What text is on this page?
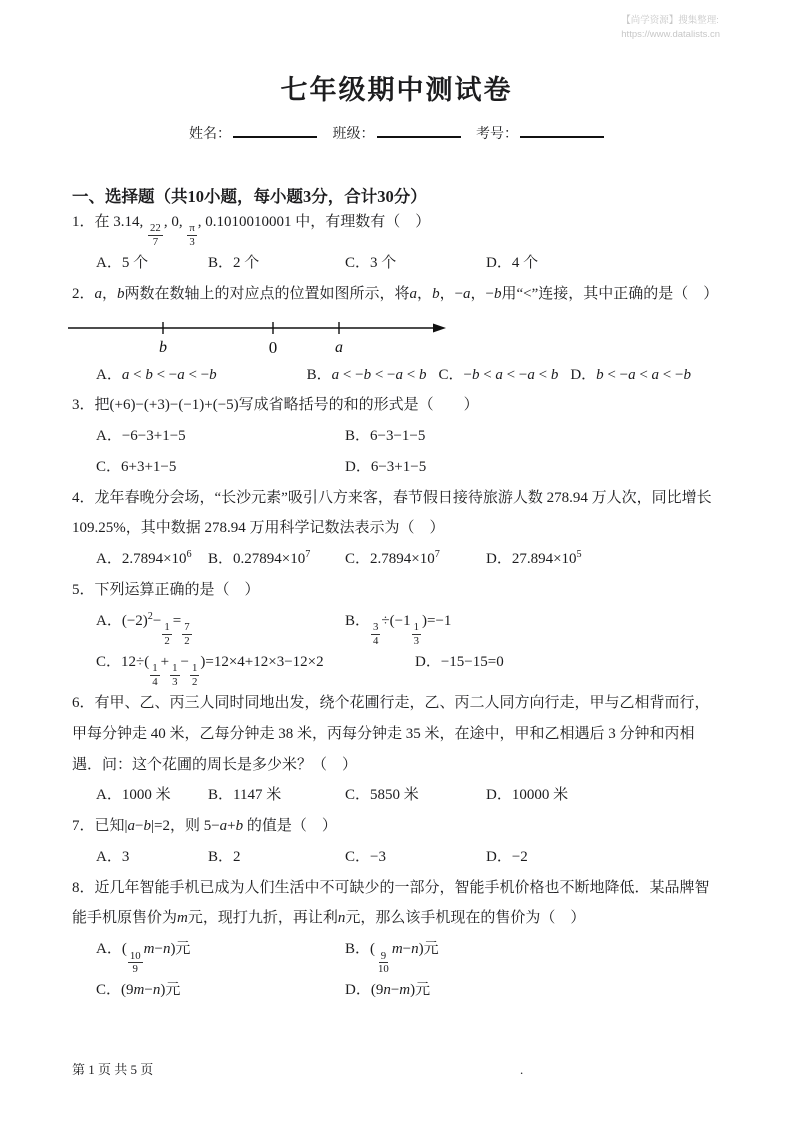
【尚学资源】搜集整理:
https://www.datalists.cn
七年级期中测试卷
姓名：	班级：	考号：
一、选择题（共10小题，每小题3分，合计30分）

1．在 3.14,
$\frac{22}{7}$
, 0,
$\frac{\pi}{3}$
, 0.1010010001 中，有理数有（　）

A．5 个	B．2 个	C．3 个	D．4 个

2．a，b两数在数轴上的对应点的位置如图所示，将a，b，−a，−b用“<”连接，其中正确的是（　）

b	0	a

A．a < b < −a < −b	B．a < −b < −a < b C．−b < a < −a < b D．b < −a < a < −b

3．把(+6)−(+3)−(−1)+(−5)写成省略括号的和的形式是（　　）

A．−6−3+1−5	B．6−3−1−5
C．6+3+1−5	D．6−3+1−5

4．龙年春晚分会场，“长沙元素”吸引八方来客，春节假日接待旅游人数 278.94 万人次，同比增长 109.25%，其中数据 278.94 万用科学记数法表示为（　）

A．$2.7894\times 10^6$	B．$0.27894\times 10^7$	C．$2.7894\times 10^7$	D．$27.894\times 10^5$

5．下列运算正确的是（　）

A．$(-2)^2-$
$\frac{1}{2}$
=
$\frac{7}{2}$
B．
$\frac{3}{4}$
÷(−1
$\frac{1}{3}$
)=−1
C．12÷(
$\frac{1}{4}$
+
$\frac{1}{3}$
−
$\frac{1}{2}$
)=12×4+12×3−12×2	D．−15−15=0

6．有甲、乙、丙三人同时同地出发，绕个花圃行走，乙、丙二人同方向行走，甲与乙相背而行，甲每分钟走 40 米，乙每分钟走 38 米，丙每分钟走 35 米，在途中，甲和乙相遇后 3 分钟和丙相遇．问：这个花圃的周长是多少米？（　）

A．1000 米	B．1147 米	C．5850 米	D．10000 米

7．已知|a−b|=2，则 5−a+b 的值是（　）

A．3	B．2	C．−3	D．−2

8．近几年智能手机已成为人们生活中不可缺少的一部分，智能手机价格也不断地降低．某品牌智能手机原售价为m元，现打九折，再让利n元，那么该手机现在的售价为（　）

A．(
$\frac{10}{9}$
m−n)元	B．(
$\frac{9}{10}$
m−n)元
C．(9m−n)元	D．(9n−m)元
第 1 页 共 5 页	.
